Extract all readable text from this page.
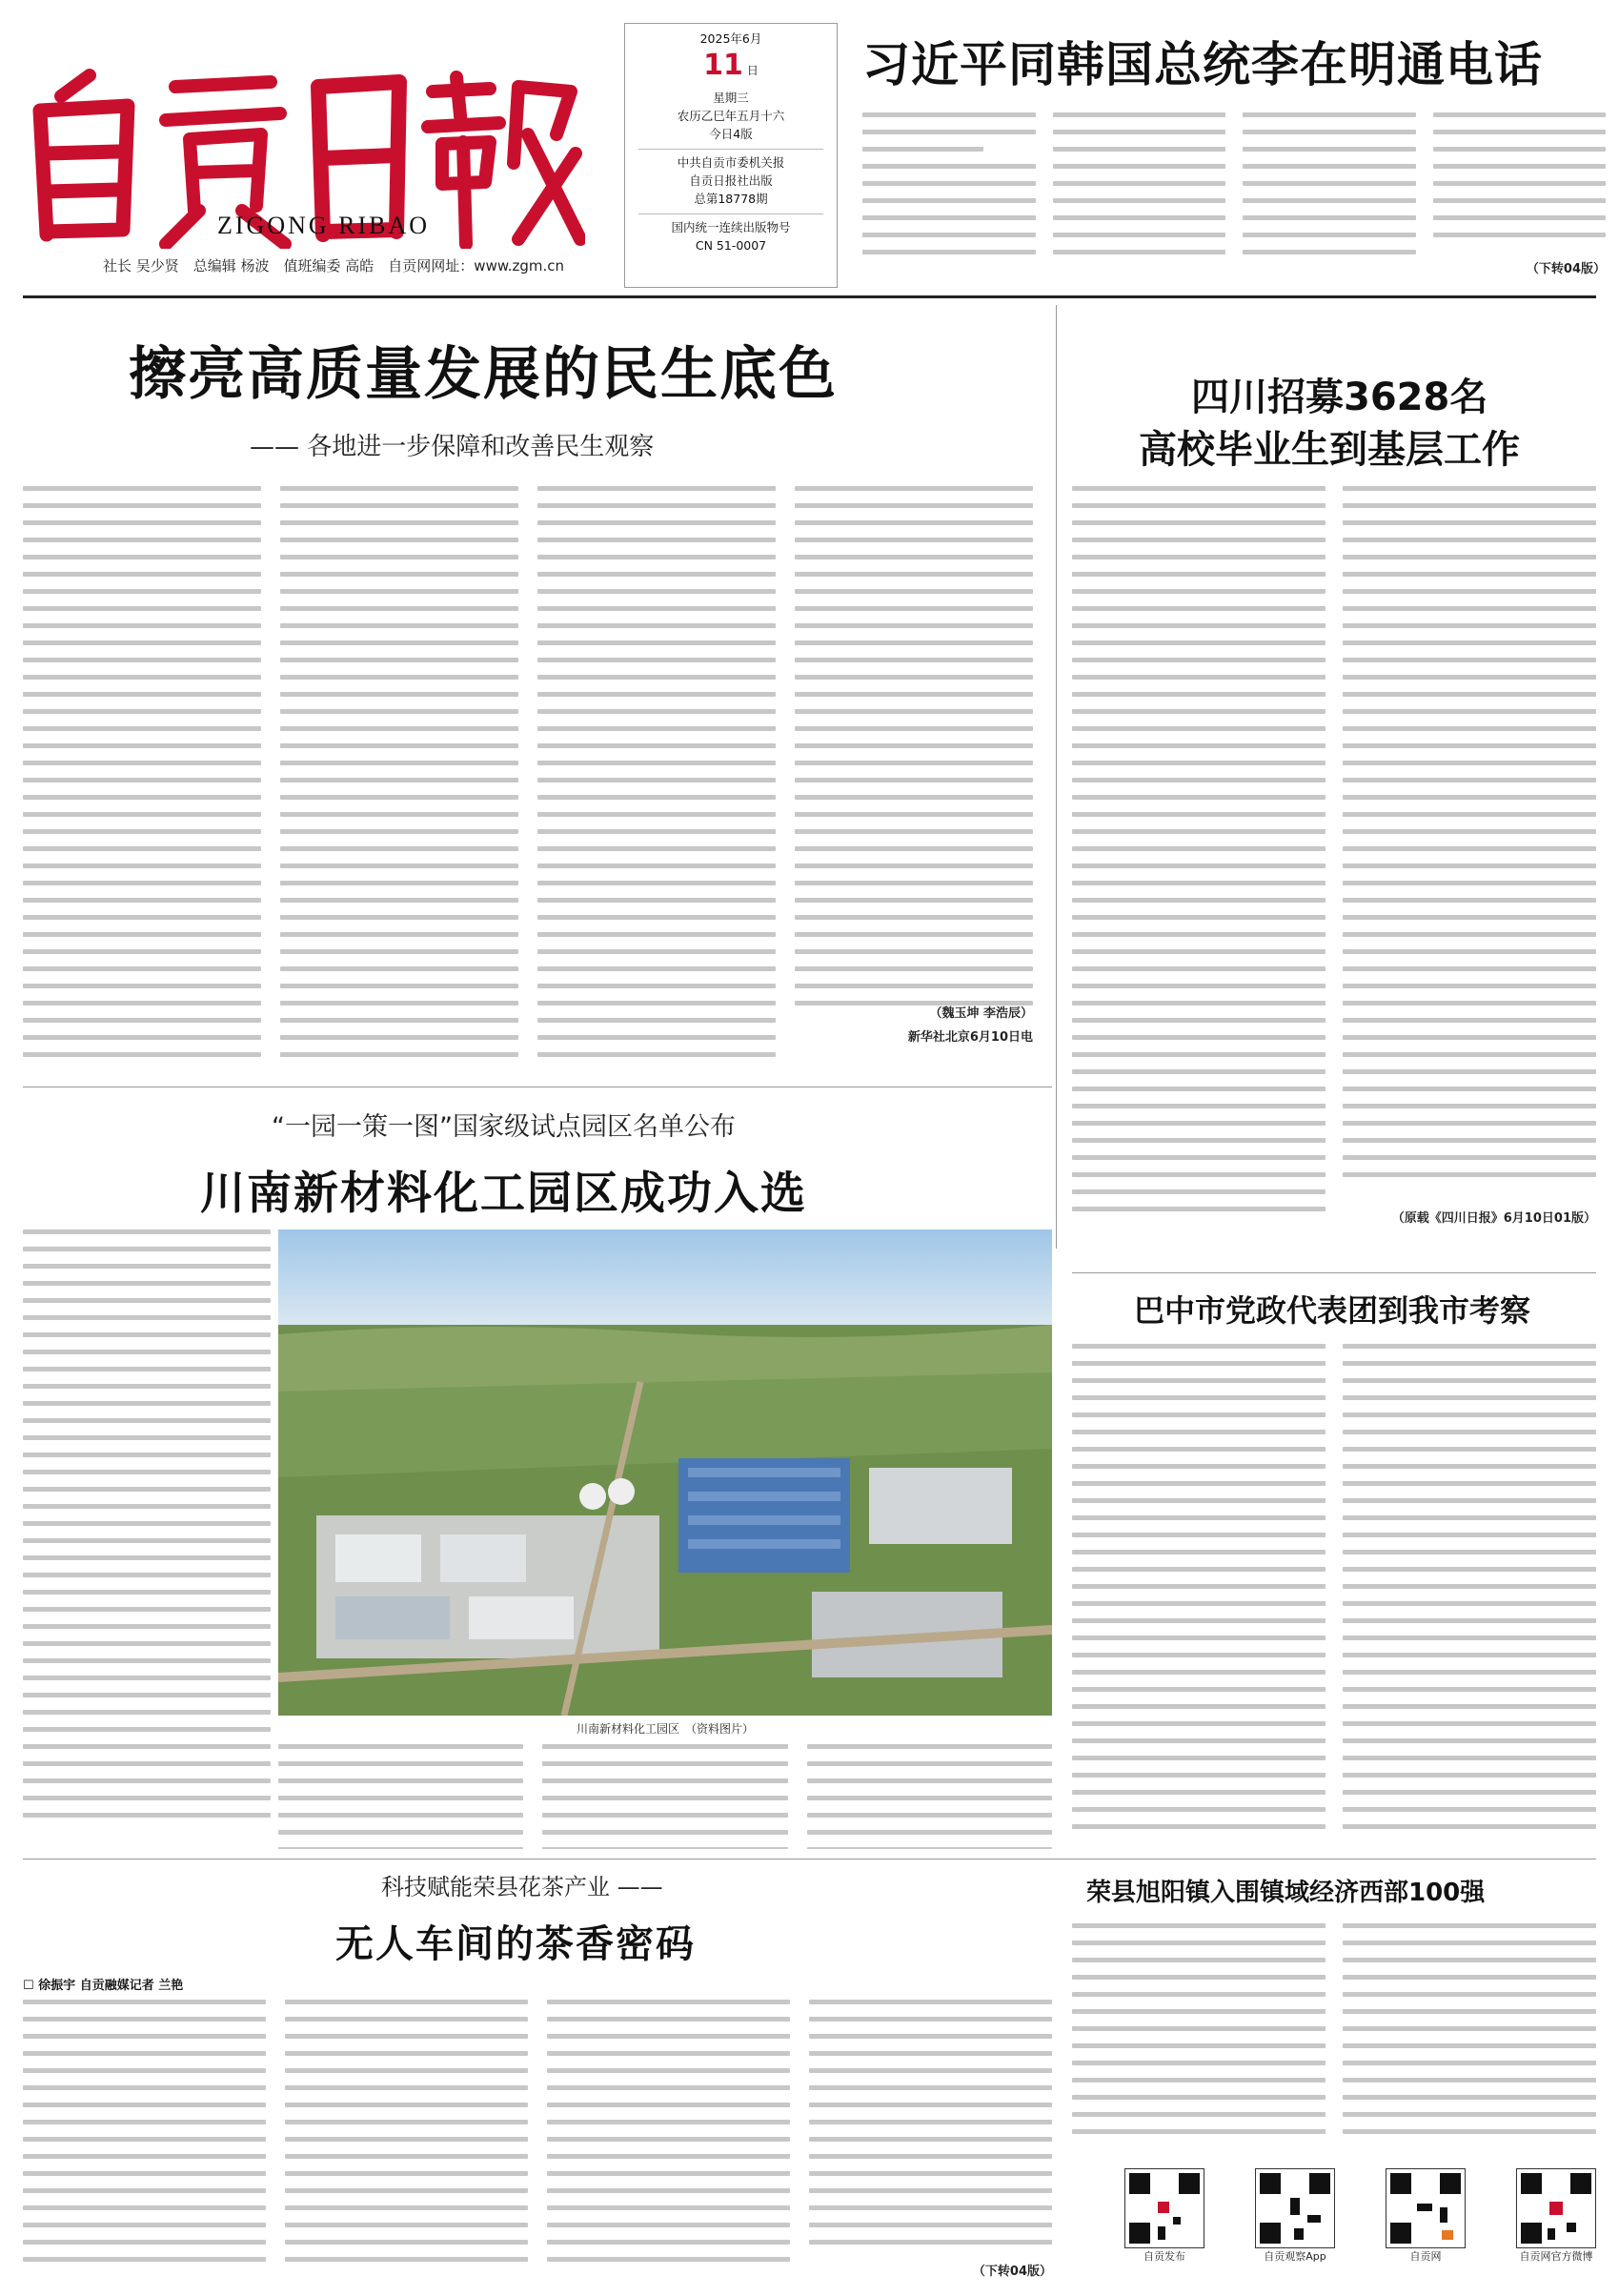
ZIGONG RIBAO
社长 吴少贤　总编辑 杨波　值班编委 高皓　自贡网网址：www.zgm.cn
2025年6月
11 日
星期三
农历乙巳年五月十六
今日4版
中共自贡市委机关报
自贡日报社出版
总第18778期
国内统一连续出版物号
CN 51-0007
习近平同韩国总统李在明通电话
（下转04版）
擦亮高质量发展的民生底色
—— 各地进一步保障和改善民生观察
（魏玉坤 李浩辰）
新华社北京6月10日电
四川招募3628名
高校毕业生到基层工作
（原载《四川日报》6月10日01版）
“一园一策一图”国家级试点园区名单公布
川南新材料化工园区成功入选
川南新材料化工园区　（资料图片）
巴中市党政代表团到我市考察
科技赋能荣县花茶产业 ——
无人车间的茶香密码
☐ 徐振宇 自贡融媒记者 兰艳
（下转04版）
荣县旭阳镇入围镇域经济西部100强
自贡发布	自贡观察App	自贡网	自贡网官方微博
